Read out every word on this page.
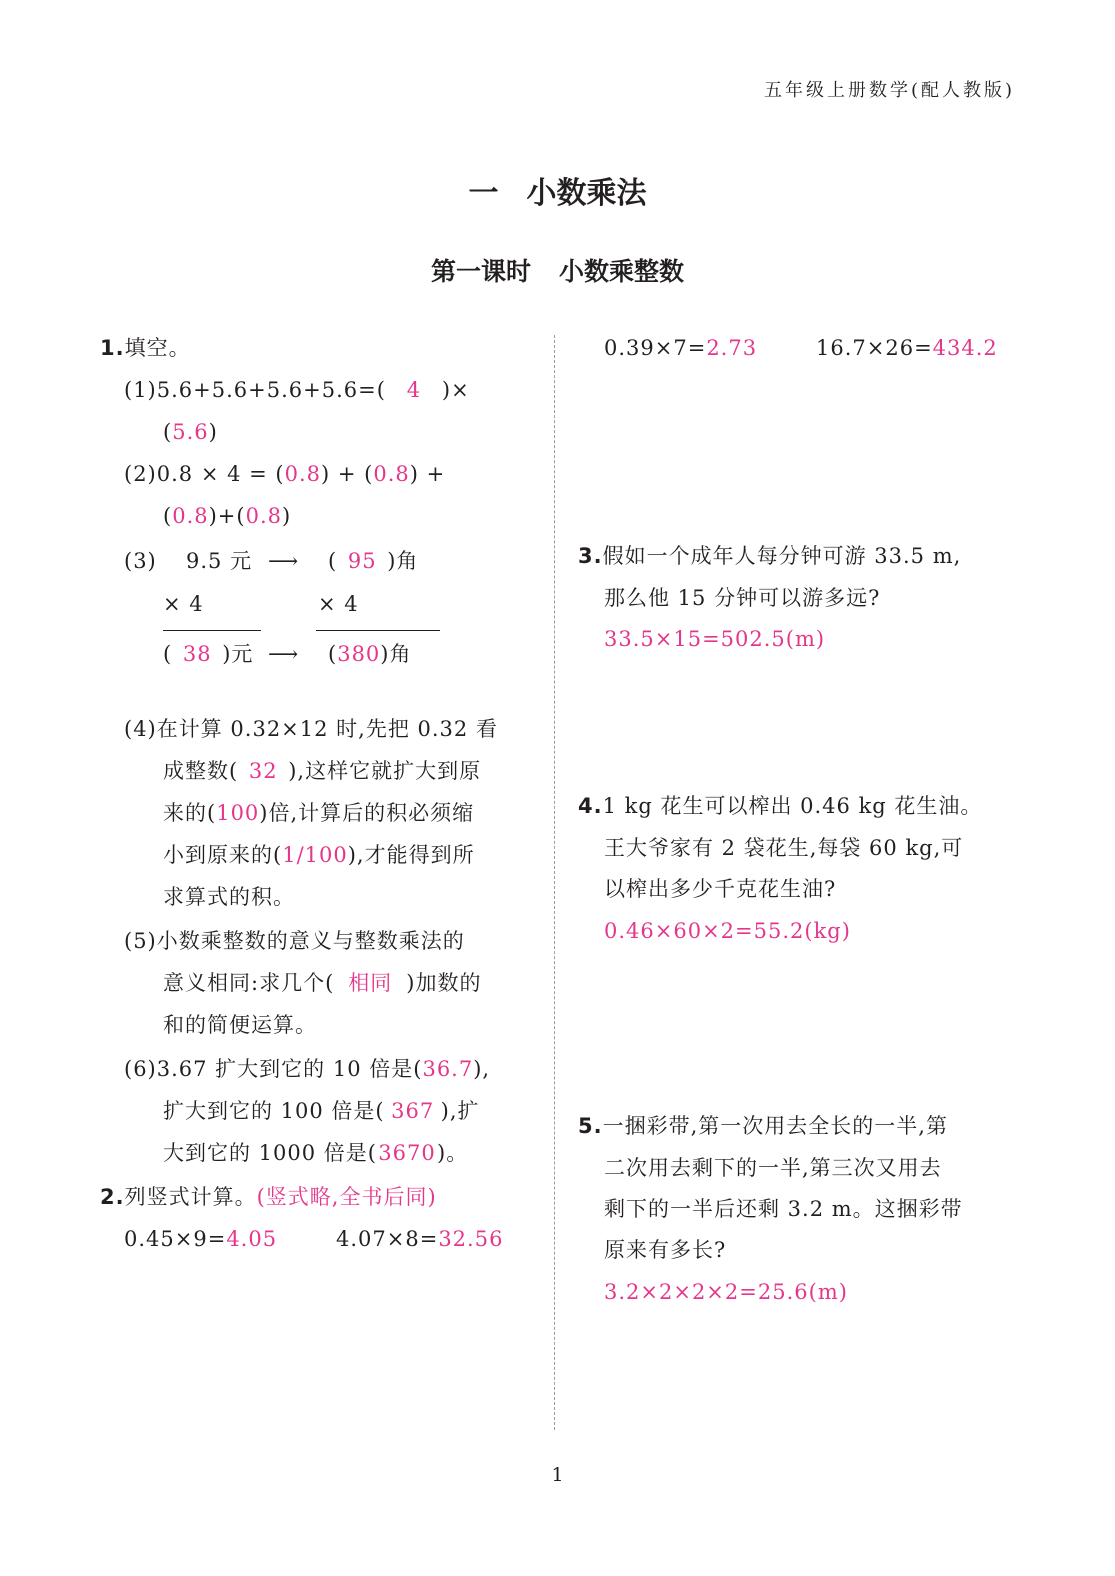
五年级上册数学(配人教版)
一 小数乘法
第一课时 小数乘整数
1.填空。
(1)5.6+5.6+5.6+5.6=( 4 )×
(5.6)
(2)0.8 × 4 = (0.8) + (0.8) +
(0.8)+(0.8)
(3) 9.5 元 ⟶ ( 95 )角
× 4	× 4
( 38 )元 ⟶ (380)角
(4)在计算 0.32×12 时,先把 0.32 看
成整数( 32 ),这样它就扩大到原
来的(100)倍,计算后的积必须缩
小到原来的(1/100),才能得到所
求算式的积。
(5)小数乘整数的意义与整数乘法的
意义相同:求几个( 相同 )加数的
和的简便运算。
(6)3.67 扩大到它的 10 倍是(36.7),
扩大到它的 100 倍是( 367 ),扩
大到它的 1000 倍是(3670)。
2.列竖式计算。(竖式略,全书后同)
0.45×9=4.05	4.07×8=32.56
0.39×7=2.73	16.7×26=434.2
3.假如一个成年人每分钟可游 33.5 m,
那么他 15 分钟可以游多远?
33.5×15=502.5(m)
4.1 kg 花生可以榨出 0.46 kg 花生油。
王大爷家有 2 袋花生,每袋 60 kg,可
以榨出多少千克花生油?
0.46×60×2=55.2(kg)
5.一捆彩带,第一次用去全长的一半,第
二次用去剩下的一半,第三次又用去
剩下的一半后还剩 3.2 m。这捆彩带
原来有多长?
3.2×2×2×2=25.6(m)
1
